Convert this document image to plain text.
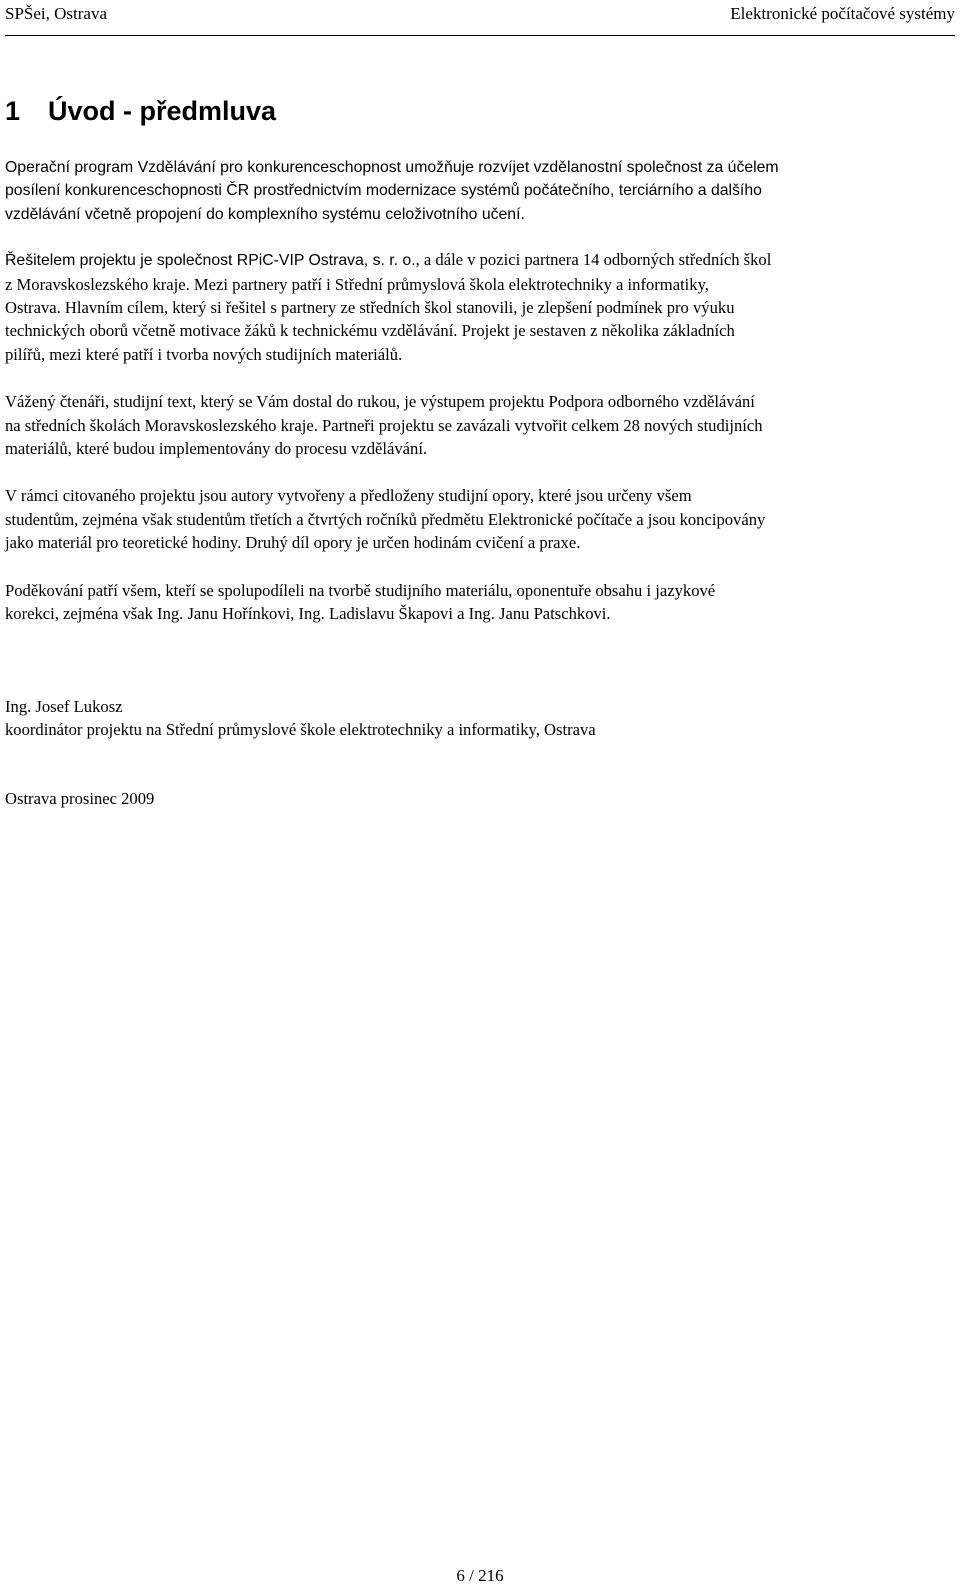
SPŠei, Ostrava	Elektronické počítačové systémy
1 Úvod - předmluva

Operační program Vzdělávání pro konkurenceschopnost umožňuje rozvíjet vzdělanostní společnost za účelem
posílení konkurenceschopnosti ČR prostřednictvím modernizace systémů počátečního, terciárního a dalšího
vzdělávání včetně propojení do komplexního systému celoživotního učení.

Řešitelem projektu je společnost RPiC-VIP Ostrava, s. r. o., a dále v pozici partnera 14 odborných středních škol
z Moravskoslezského kraje. Mezi partnery patří i Střední průmyslová škola elektrotechniky a informatiky,
Ostrava. Hlavním cílem, který si řešitel s partnery ze středních škol stanovili, je zlepšení podmínek pro výuku
technických oborů včetně motivace žáků k technickému vzdělávání. Projekt je sestaven z několika základních
pilířů, mezi které patří i tvorba nových studijních materiálů.

Vážený čtenáři, studijní text, který se Vám dostal do rukou, je výstupem projektu Podpora odborného vzdělávání
na středních školách Moravskoslezského kraje. Partneři projektu se zavázali vytvořit celkem 28 nových studijních
materiálů, které budou implementovány do procesu vzdělávání.

V rámci citovaného projektu jsou autory vytvořeny a předloženy studijní opory, které jsou určeny všem
studentům, zejména však studentům třetích a čtvrtých ročníků předmětu Elektronické počítače a jsou koncipovány
jako materiál pro teoretické hodiny. Druhý díl opory je určen hodinám cvičení a praxe.

Poděkování patří všem, kteří se spolupodíleli na tvorbě studijního materiálu, oponentuře obsahu i jazykové
korekci, zejména však Ing. Janu Hořínkovi, Ing. Ladislavu Škapovi a Ing. Janu Patschkovi.

Ing. Josef Lukosz
koordinátor projektu na Střední průmyslové škole elektrotechniky a informatiky, Ostrava

Ostrava prosinec 2009

6 / 216
